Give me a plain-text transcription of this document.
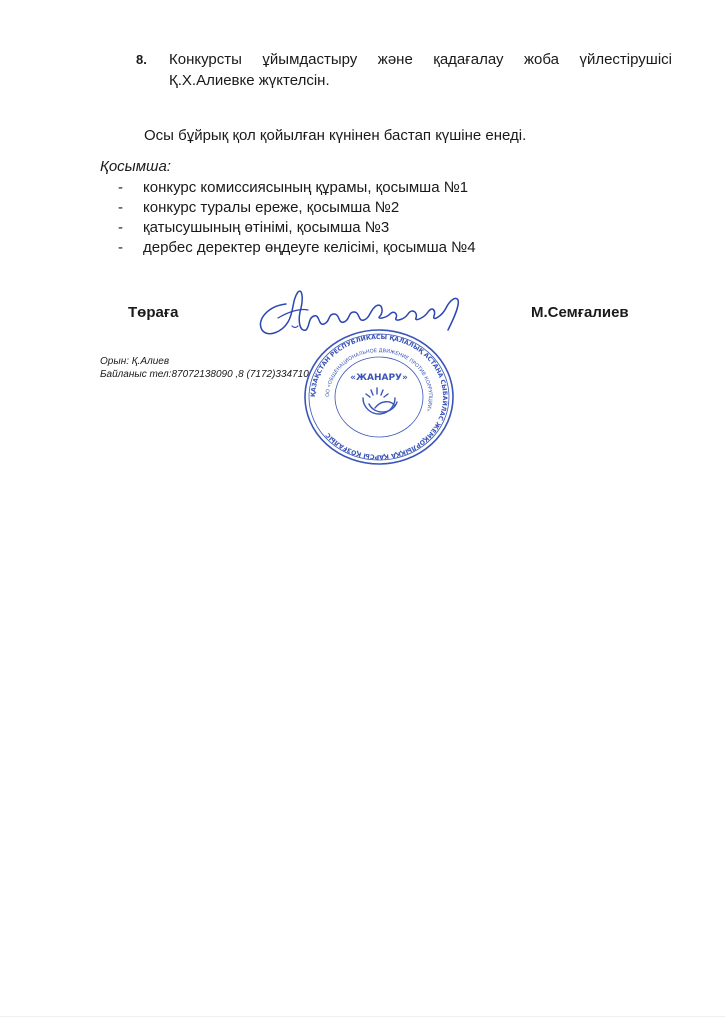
8. Конкурсты ұйымдастыру және қадағалау жоба үйлестірушісі
Қ.Х.Алиевке жүктелсін.
Осы бұйрық қол қойылған күнінен бастап күшіне енеді.
Қосымша:
- конкурс комиссиясының құрамы, қосымша №1
- конкурс туралы ереже, қосымша №2
- қатысушының өтінімі, қосымша №3
- дербес деректер өңдеуге келісімі, қосымша №4
Төраға	М.Семғалиев
Орын: Қ.Алиев
Байланыс тел:87072138090 ,8 (7172)334710
ҚАЗАҚСТАН РЕСПУБЛИКАСЫ ҚАЛАЛЫҚ АСТАНА СЫБАЙЛАС ЖЕМҚОРЛЫҚҚА ҚАРСЫ ҚОЗҒАЛЫС
ОО «ОБЩЕНАЦИОНАЛЬНОЕ ДВИЖЕНИЕ ПРОТИВ КОРРУПЦИИ»
«ЖАНАРУ»
